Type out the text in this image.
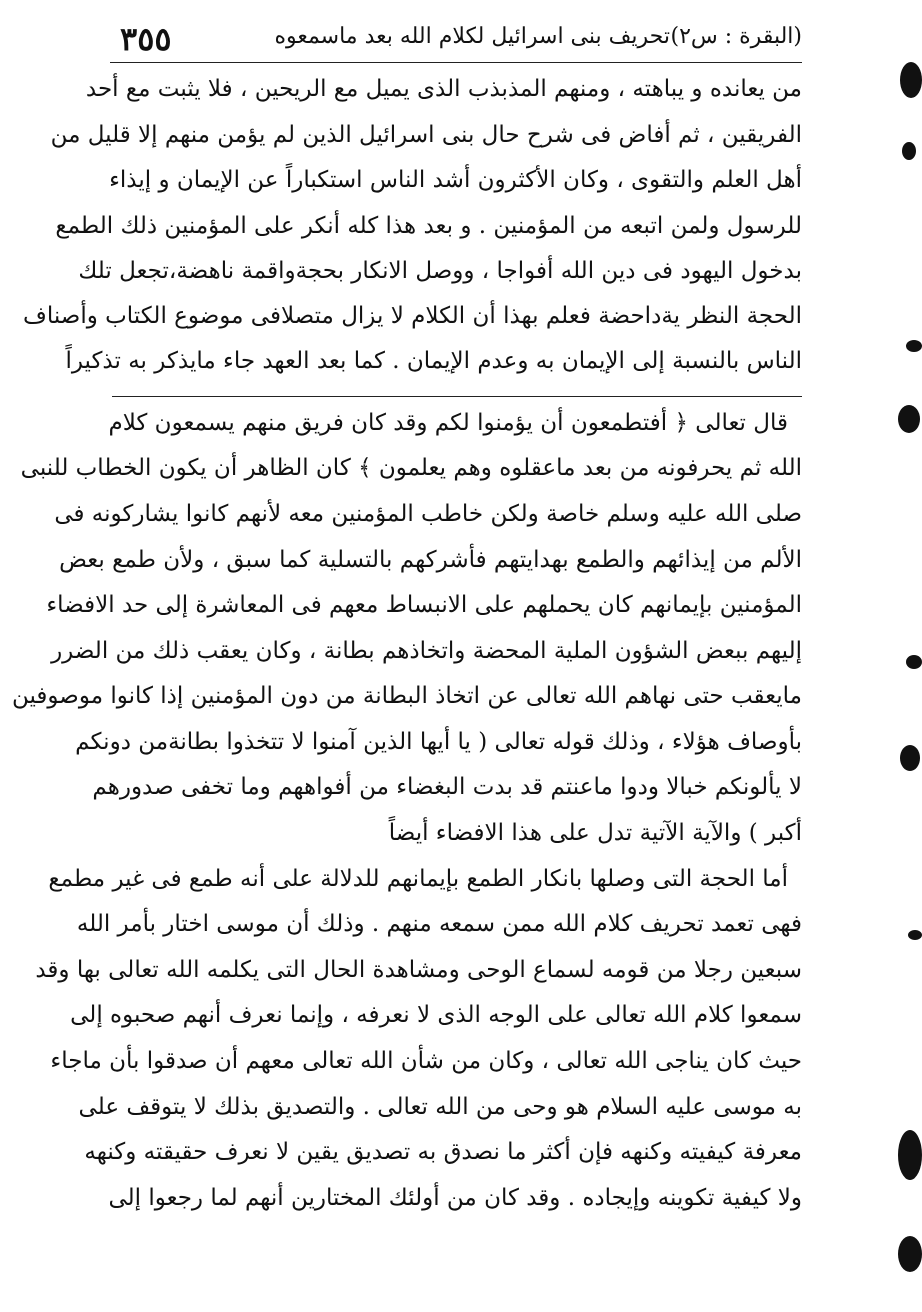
(البقرة : س٢)
تحريف بنى اسرائيل لكلام الله بعد ماسمعوه
٣٥٥
من يعانده و يباهته ، ومنهم المذبذب الذى يميل مع الريحين ، فلا يثبت مع أحد
الفريقين ، ثم أفاض فى شرح حال بنى اسرائيل الذين لم يؤمن منهم إلا قليل من
أهل العلم والتقوى ، وكان الأكثرون أشد الناس استكباراً عن الإيمان و إيذاء
للرسول ولمن اتبعه من المؤمنين . و بعد هذا كله أنكر على المؤمنين ذلك الطمع
بدخول اليهود فى دين الله أفواجا ، ووصل الانكار بحجةواقمة ناهضة،تجعل تلك
الحجة النظر يةداحضة فعلم بهذا أن الكلام لا يزال متصلافى موضوع الكتاب وأصناف
الناس بالنسبة إلى الإيمان به وعدم الإيمان . كما بعد العهد جاء مايذكر به تذكيراً
قال تعالى ﴿ أفتطمعون أن يؤمنوا لكم وقد كان فريق منهم يسمعون كلام
الله ثم يحرفونه من بعد ماعقلوه وهم يعلمون ﴾ كان الظاهر أن يكون الخطاب للنبى
صلى الله عليه وسلم خاصة ولكن خاطب المؤمنين معه لأنهم كانوا يشاركونه فى
الألم من إيذائهم والطمع بهدايتهم فأشركهم بالتسلية كما سبق ، ولأن طمع بعض
المؤمنين بإيمانهم كان يحملهم على الانبساط معهم فى المعاشرة إلى حد الافضاء
إليهم ببعض الشؤون الملية المحضة واتخاذهم بطانة ، وكان يعقب ذلك من الضرر
مايعقب حتى نهاهم الله تعالى عن اتخاذ البطانة من دون المؤمنين إذا كانوا موصوفين
بأوصاف هؤلاء ، وذلك قوله تعالى ( يا أيها الذين آمنوا لا تتخذوا بطانةمن دونكم
لا يألونكم خبالا ودوا ماعنتم قد بدت البغضاء من أفواههم وما تخفى صدورهم
أكبر ) والآية الآتية تدل على هذا الافضاء أيضاً
أما الحجة التى وصلها بانكار الطمع بإيمانهم للدلالة على أنه طمع فى غير مطمع
فهى تعمد تحريف كلام الله ممن سمعه منهم . وذلك أن موسى اختار بأمر الله
سبعين رجلا من قومه لسماع الوحى ومشاهدة الحال التى يكلمه الله تعالى بها وقد
سمعوا كلام الله تعالى على الوجه الذى لا نعرفه ، وإنما نعرف أنهم صحبوه إلى
حيث كان يناجى الله تعالى ، وكان من شأن الله تعالى معهم أن صدقوا بأن ماجاء
به موسى عليه السلام هو وحى من الله تعالى . والتصديق بذلك لا يتوقف على
معرفة كيفيته وكنهه فإن أكثر ما نصدق به تصديق يقين لا نعرف حقيقته وكنهه
ولا كيفية تكوينه وإيجاده . وقد كان من أولئك المختارين أنهم لما رجعوا إلى
